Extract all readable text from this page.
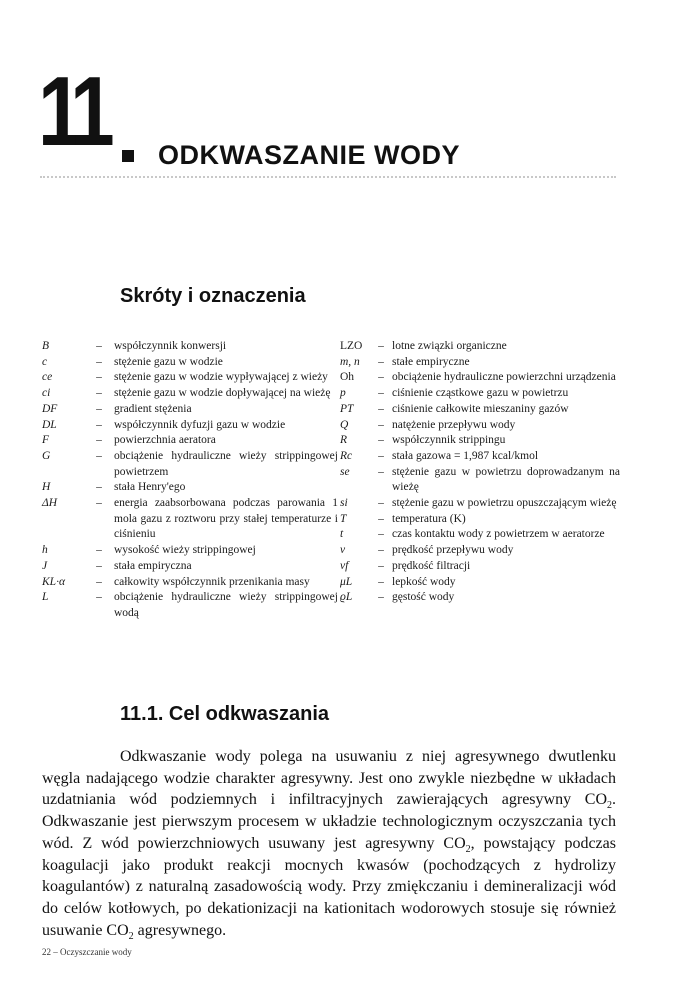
11 ODKWASZANIE WODY
Skróty i oznaczenia
B	–	współczynnik konwersji
c	–	stężenie gazu w wodzie
ce	–	stężenie gazu w wodzie wypływającej z wieży
ci	–	stężenie gazu w wodzie dopływającej na wieżę
DF	–	gradient stężenia
DL	–	współczynnik dyfuzji gazu w wodzie
F	–	powierzchnia aeratora
G	–	obciążenie hydrauliczne wieży strippingowej powietrzem
H	–	stała Henry'ego
ΔH	–	energia zaabsorbowana podczas parowania 1 mola gazu z roztworu przy stałej temperaturze i ciśnieniu
h	–	wysokość wieży strippingowej
J	–	stała empiryczna
KL·α	–	całkowity współczynnik przenikania masy
L	–	obciążenie hydrauliczne wieży strippingowej wodą
LZO	– lotne związki organiczne
m, n	– stałe empiryczne
Oh	– obciążenie hydrauliczne powierzchni urządzenia
p	– ciśnienie cząstkowe gazu w powietrzu
PT	– ciśnienie całkowite mieszaniny gazów
Q	– natężenie przepływu wody
R	– współczynnik strippingu
Rc	– stała gazowa = 1,987 kcal/kmol
se	– stężenie gazu w powietrzu doprowadzanym na wieżę
si	– stężenie gazu w powietrzu opuszczającym wieżę
T	– temperatura (K)
t	– czas kontaktu wody z powietrzem w aeratorze
v	– prędkość przepływu wody
vf	– prędkość filtracji
μL	– lepkość wody
ϱL	– gęstość wody
11.1. Cel odkwaszania

Odkwaszanie wody polega na usuwaniu z niej agresywnego dwutlenku węgla nadającego wodzie charakter agresywny. Jest ono zwykle niezbędne w układach uzdatniania wód podziemnych i infiltracyjnych zawierających agresywny $CO_2$. Odkwaszanie jest pierwszym procesem w układzie technologicznym oczyszczania tych wód. Z wód powierzchniowych usuwany jest agresywny $CO_2$, powstający podczas koagulacji jako produkt reakcji mocnych kwasów (pochodzących z hydrolizy koagulantów) z naturalną zasadowością wody. Przy zmiękczaniu i demineralizacji wód do celów kotłowych, po dekationizacji na kationitach wodorowych stosuje się również usuwanie $CO_2$ agresywnego.

22 – Oczyszczanie wody
